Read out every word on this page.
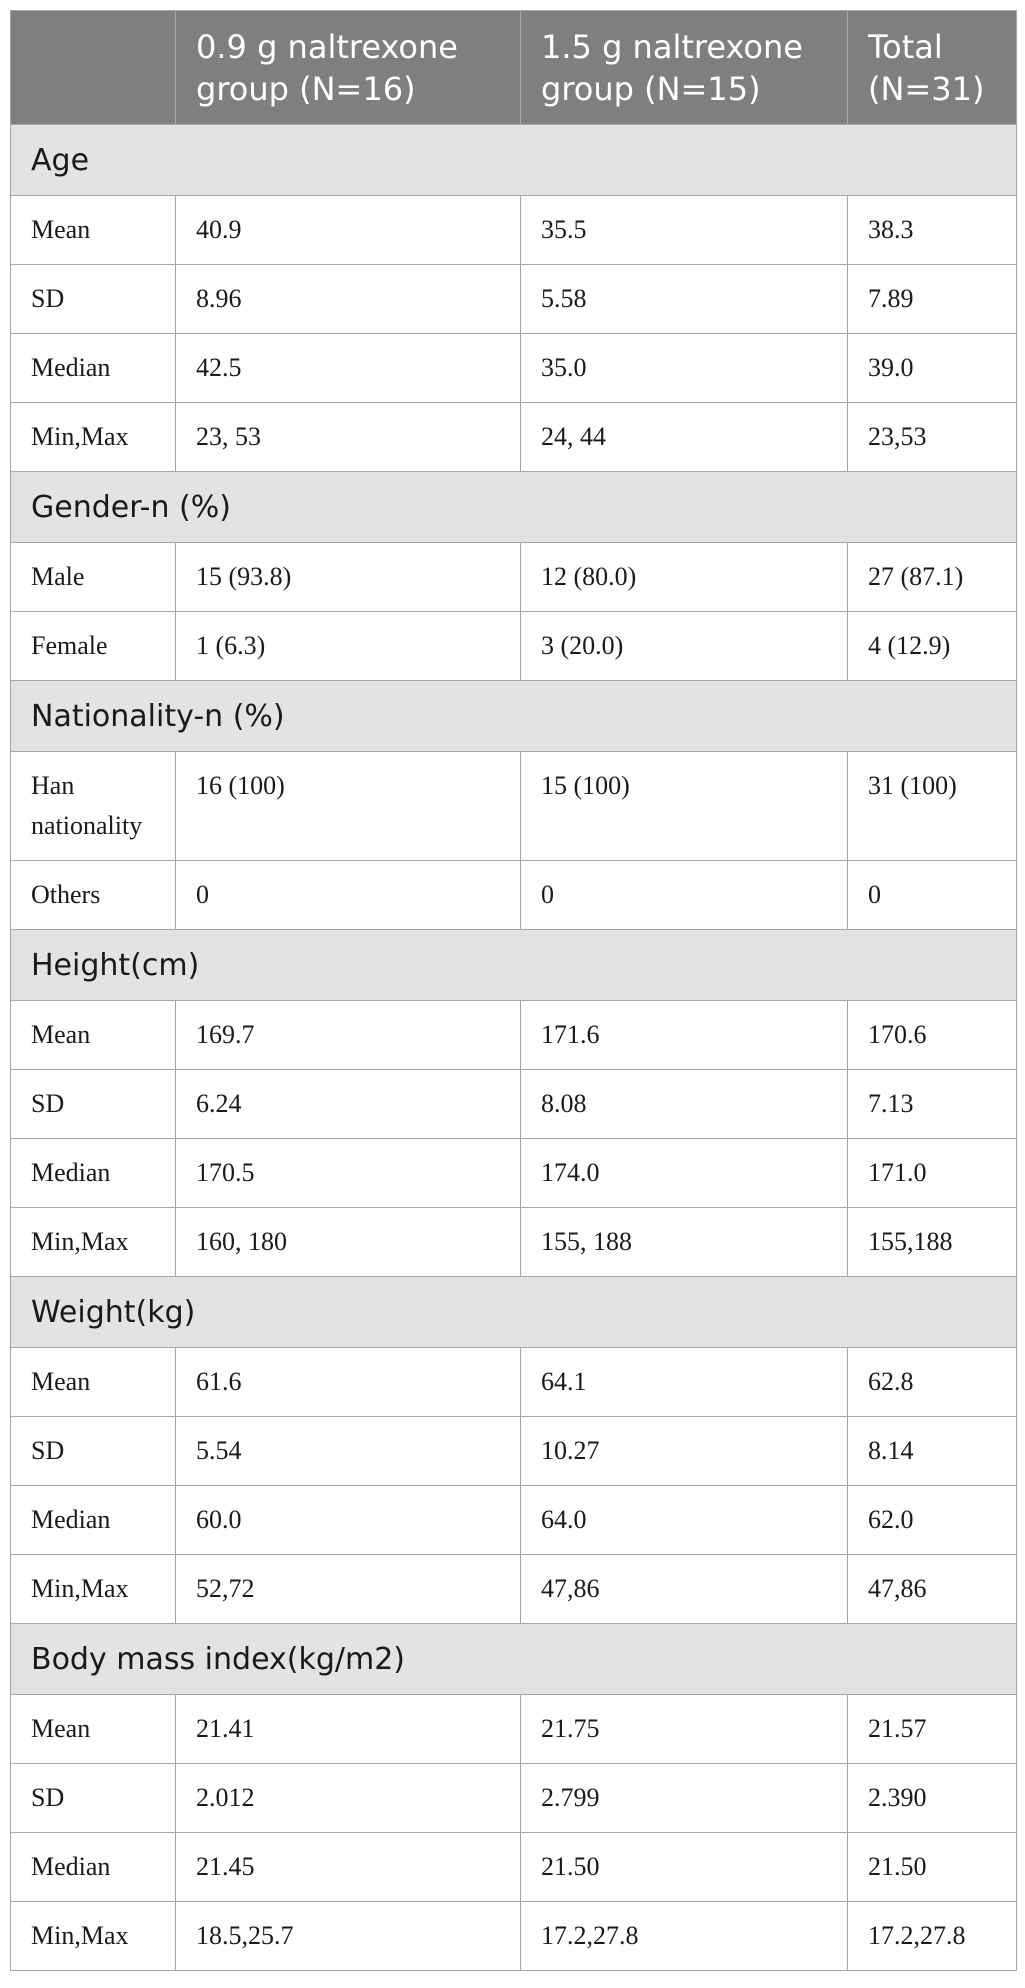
	0.9 g naltrexone group (N=16)	1.5 g naltrexone group (N=15)	Total (N=31)
Age			
Mean	40.9	35.5	38.3
SD	8.96	5.58	7.89
Median	42.5	35.0	39.0
Min,Max	23, 53	24, 44	23,53
Gender-n (%)			
Male	15 (93.8)	12 (80.0)	27 (87.1)
Female	1 (6.3)	3 (20.0)	4 (12.9)
Nationality-n (%)			
Han nationality	16 (100)	15 (100)	31 (100)
Others	0	0	0
Height(cm)			
Mean	169.7	171.6	170.6
SD	6.24	8.08	7.13
Median	170.5	174.0	171.0
Min,Max	160, 180	155, 188	155,188
Weight(kg)			
Mean	61.6	64.1	62.8
SD	5.54	10.27	8.14
Median	60.0	64.0	62.0
Min,Max	52,72	47,86	47,86
Body mass index(kg/m2)			
Mean	21.41	21.75	21.57
SD	2.012	2.799	2.390
Median	21.45	21.50	21.50
Min,Max	18.5,25.7	17.2,27.8	17.2,27.8
